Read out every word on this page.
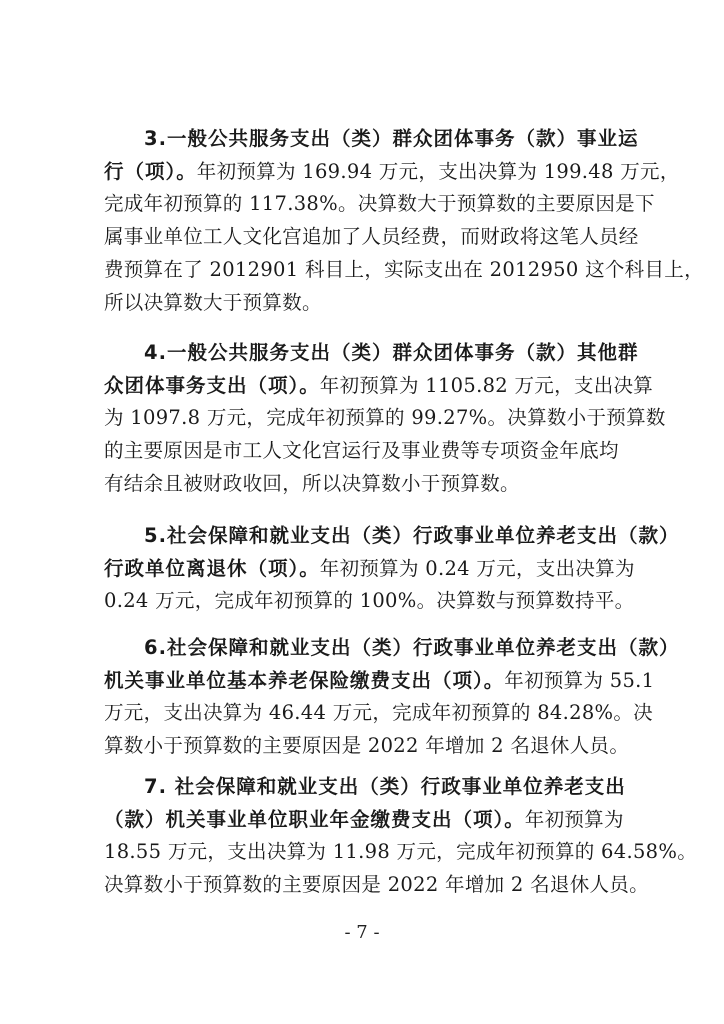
3.一般公共服务支出（类）群众团体事务（款）事业运
行（项）。年初预算为 169.94 万元，支出决算为 199.48 万元，
完成年初预算的 117.38%。决算数大于预算数的主要原因是下
属事业单位工人文化宫追加了人员经费，而财政将这笔人员经
费预算在了 2012901 科目上，实际支出在 2012950 这个科目上，
所以决算数大于预算数。
4.一般公共服务支出（类）群众团体事务（款）其他群
众团体事务支出（项）。年初预算为 1105.82 万元，支出决算
为 1097.8 万元，完成年初预算的 99.27%。决算数小于预算数
的主要原因是市工人文化宫运行及事业费等专项资金年底均
有结余且被财政收回，所以决算数小于预算数。
5.社会保障和就业支出（类）行政事业单位养老支出（款）
行政单位离退休（项）。年初预算为 0.24 万元，支出决算为
0.24 万元，完成年初预算的 100%。决算数与预算数持平。
6.社会保障和就业支出（类）行政事业单位养老支出（款）
机关事业单位基本养老保险缴费支出（项）。年初预算为 55.1
万元，支出决算为 46.44 万元，完成年初预算的 84.28%。决
算数小于预算数的主要原因是 2022 年增加 2 名退休人员。
7. 社会保障和就业支出（类）行政事业单位养老支出
（款）机关事业单位职业年金缴费支出（项）。年初预算为
18.55 万元，支出决算为 11.98 万元，完成年初预算的 64.58%。
决算数小于预算数的主要原因是 2022 年增加 2 名退休人员。
- 7 -
